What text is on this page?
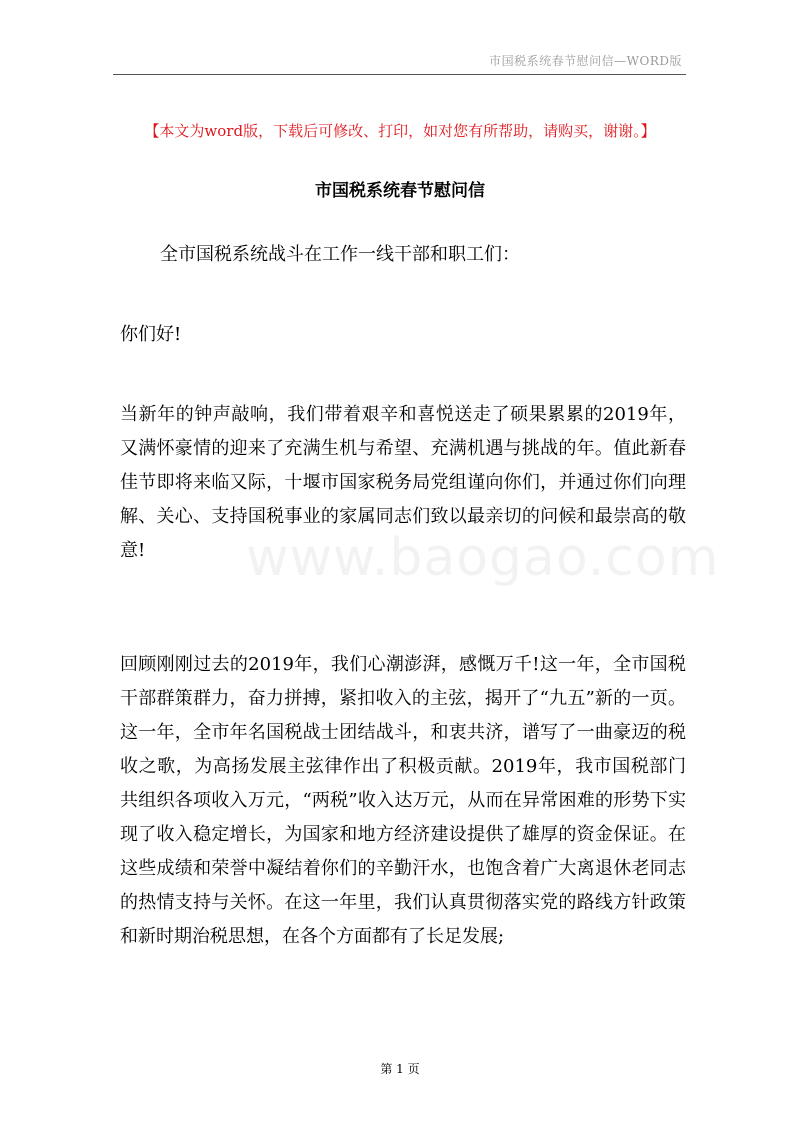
市国税系统春节慰问信—WORD版
【本文为word版，下载后可修改、打印，如对您有所帮助，请购买，谢谢。】
市国税系统春节慰问信
全市国税系统战斗在工作一线干部和职工们：
你们好!
当新年的钟声敲响，我们带着艰辛和喜悦送走了硕果累累的2019年，又满怀豪情的迎来了充满生机与希望、充满机遇与挑战的年。值此新春佳节即将来临又际，十堰市国家税务局党组谨向你们，并通过你们向理解、关心、支持国税事业的家属同志们致以最亲切的问候和最崇高的敬意!
回顾刚刚过去的2019年，我们心潮澎湃，感慨万千!这一年，全市国税干部群策群力，奋力拼搏，紧扣收入的主弦，揭开了“九五”新的一页。这一年，全市年名国税战士团结战斗，和衷共济，谱写了一曲豪迈的税收之歌，为高扬发展主弦律作出了积极贡献。2019年，我市国税部门共组织各项收入万元，“两税”收入达万元，从而在异常困难的形势下实现了收入稳定增长，为国家和地方经济建设提供了雄厚的资金保证。在这些成绩和荣誉中凝结着你们的辛勤汗水，也饱含着广大离退休老同志的热情支持与关怀。在这一年里，我们认真贯彻落实党的路线方针政策和新时期治税思想，在各个方面都有了长足发展;
www.baogao.com
第 1 页
